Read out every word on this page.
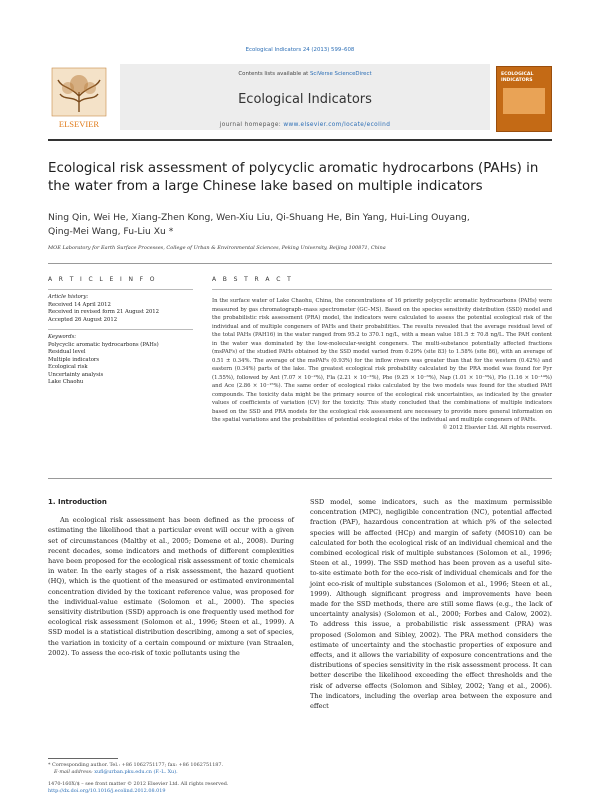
Ecological Indicators 24 (2013) 599–608
ELSEVIER
Contents lists available at SciVerse ScienceDirect
Ecological Indicators
journal homepage: www.elsevier.com/locate/ecolind
ECOLOGICAL INDICATORS
Ecological risk assessment of polycyclic aromatic hydrocarbons (PAHs) in the water from a large Chinese lake based on multiple indicators
Ning Qin, Wei He, Xiang-Zhen Kong, Wen-Xiu Liu, Qi-Shuang He, Bin Yang, Hui-Ling Ouyang,
Qing-Mei Wang, Fu-Liu Xu *
MOE Laboratory for Earth Surface Processes, College of Urban & Environmental Sciences, Peking University, Beijing 100871, China
A R T I C L E I N F O
Article history:
Received 14 April 2012
Received in revised form 21 August 2012
Accepted 26 August 2012
Keywords:
Polycyclic aromatic hydrocarbons (PAHs)
Residual level
Multiple indicators
Ecological risk
Uncertainty analysis
Lake Chaohu
A B S T R A C T
In the surface water of Lake Chaohu, China, the concentrations of 16 priority polycyclic aromatic hydrocarbons (PAHs) were measured by gas chromatograph–mass spectrometer (GC–MS). Based on the species sensitivity distribution (SSD) model and the probabilistic risk assessment (PRA) model, the indicators were calculated to assess the potential ecological risk of the individual and of multiple congeners of PAHs and their probabilities. The results revealed that the average residual level of the total PAHs (PAH16) in the water ranged from 95.2 to 370.1 ng/L, with a mean value 181.5 ± 70.8 ng/L. The PAH content in the water was dominated by the low-molecular-weight congeners. The multi-substance potentially affected fractions (msPAFs) of the studied PAHs obtained by the SSD model varied from 0.29% (site 83) to 1.58% (site 86), with an average of 0.51 ± 0.34%. The average of the msPAFs (0.93%) for the inflow rivers was greater than that for the western (0.42%) and eastern (0.34%) parts of the lake. The greatest ecological risk probability calculated by the PRA model was found for Pyr (1.55%), followed by Ant (7.07 × 10⁻²%), Fla (2.21 × 10⁻²%), Phe (9.25 × 10⁻⁶%), Nap (1.01 × 10⁻⁵%), Flo (1.16 × 10⁻¹⁴%) and Ace (2.86 × 10⁻¹⁵%). The same order of ecological risks calculated by the two models was found for the studied PAH compounds. The toxicity data might be the primary source of the ecological risk uncertainties, as indicated by the greater values of coefficients of variation (CV) for the toxicity. This study concluded that the combinations of multiple indicators based on the SSD and PRA models for the ecological risk assessment are necessary to provide more general information on the spatial variations and the probabilities of potential ecological risks of the individual and multiple congeners of PAHs.
© 2012 Elsevier Ltd. All rights reserved.
1. Introduction

An ecological risk assessment has been defined as the process of estimating the likelihood that a particular event will occur with a given set of circumstances (Maltby et al., 2005; Domene et al., 2008). During recent decades, some indicators and methods of different complexities have been proposed for the ecological risk assessment of toxic chemicals in water. In the early stages of a risk assessment, the hazard quotient (HQ), which is the quotient of the measured or estimated environmental concentration divided by the toxicant reference value, was proposed for the individual-value estimate (Solomon et al., 2000). The species sensitivity distribution (SSD) approach is one frequently used method for ecological risk assessment (Solomon et al., 1996; Steen et al., 1999). A SSD model is a statistical distribution describing, among a set of species, the variation in toxicity of a certain compound or mixture (van Straalen, 2002). To assess the eco-risk of toxic pollutants using the

SSD model, some indicators, such as the maximum permissible concentration (MPC), negligible concentration (NC), potential affected fraction (PAF), hazardous concentration at which p% of the selected species will be affected (HCp) and margin of safety (MOS10) can be calculated for both the ecological risk of an individual chemical and the combined ecological risk of multiple substances (Solomon et al., 1996; Steen et al., 1999). The SSD method has been proven as a useful site-to-site estimate both for the eco-risk of individual chemicals and for the joint eco-risk of multiple substances (Solomon et al., 1996; Steen et al., 1999). Although significant progress and improvements have been made for the SSD methods, there are still some flaws (e.g., the lack of uncertainty analysis) (Solomon et al., 2000; Forbes and Calow, 2002). To address this issue, a probabilistic risk assessment (PRA) was proposed (Solomon and Sibley, 2002). The PRA method considers the estimate of uncertainty and the stochastic properties of exposure and effects, and it allows the variability of exposure concentrations and the distributions of species sensitivity in the risk assessment process. It can better describe the likelihood exceeding the effect thresholds and the risk of adverse effects (Solomon and Sibley, 2002; Yang et al., 2006). The indicators, including the overlap area between the exposure and effect

* Corresponding author. Tel.: +86 1062751177; fax: +86 1062751187.
E-mail address: xufl@urban.pku.edu.cn (F.-L. Xu).
1470-160X/$ – see front matter © 2012 Elsevier Ltd. All rights reserved.
http://dx.doi.org/10.1016/j.ecolind.2012.08.019
